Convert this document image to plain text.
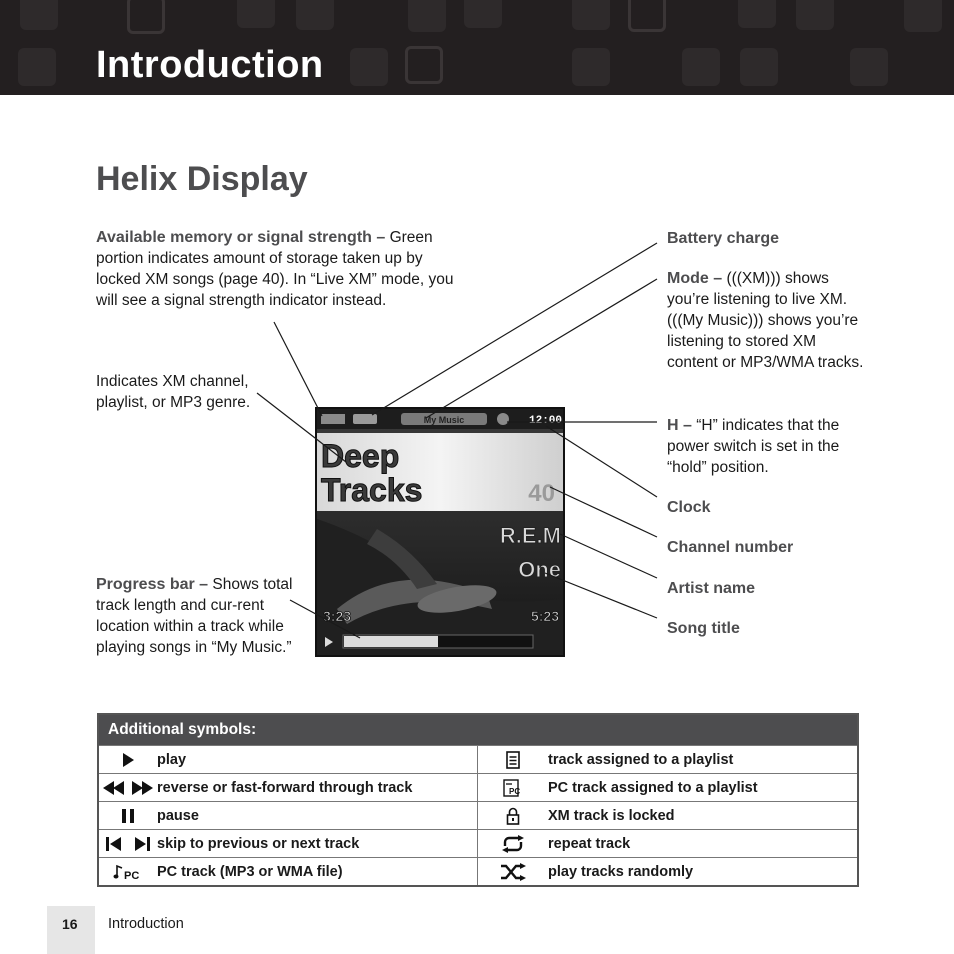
Introduction
Helix Display
Available memory or signal strength – Green portion indicates amount of storage taken up by locked XM songs (page 40). In “Live XM” mode, you will see a signal strength indicator instead.
Indicates XM channel, playlist, or MP3 genre.
Progress bar – Shows total track length and cur-rent location within a track while playing songs in “My Music.”
Battery charge
Mode – (((XM))) shows you’re listening to live XM. (((My Music))) shows you’re listening to stored XM content or MP3/WMA tracks.
H – “H” indicates that the power switch is set in the “hold” position.
Clock
Channel number
Artist name
Song title
My Music	12:00
Deep
Tracks	40
R.E.M
One
3:23	5:23
Additional symbols:
play	track assigned to a playlist
reverse or fast-forward through track	PC PC track assigned to a playlist
pause	XM track is locked
skip to previous or next track	repeat track
PC PC track (MP3 or WMA file)	play tracks randomly
16 Introduction
